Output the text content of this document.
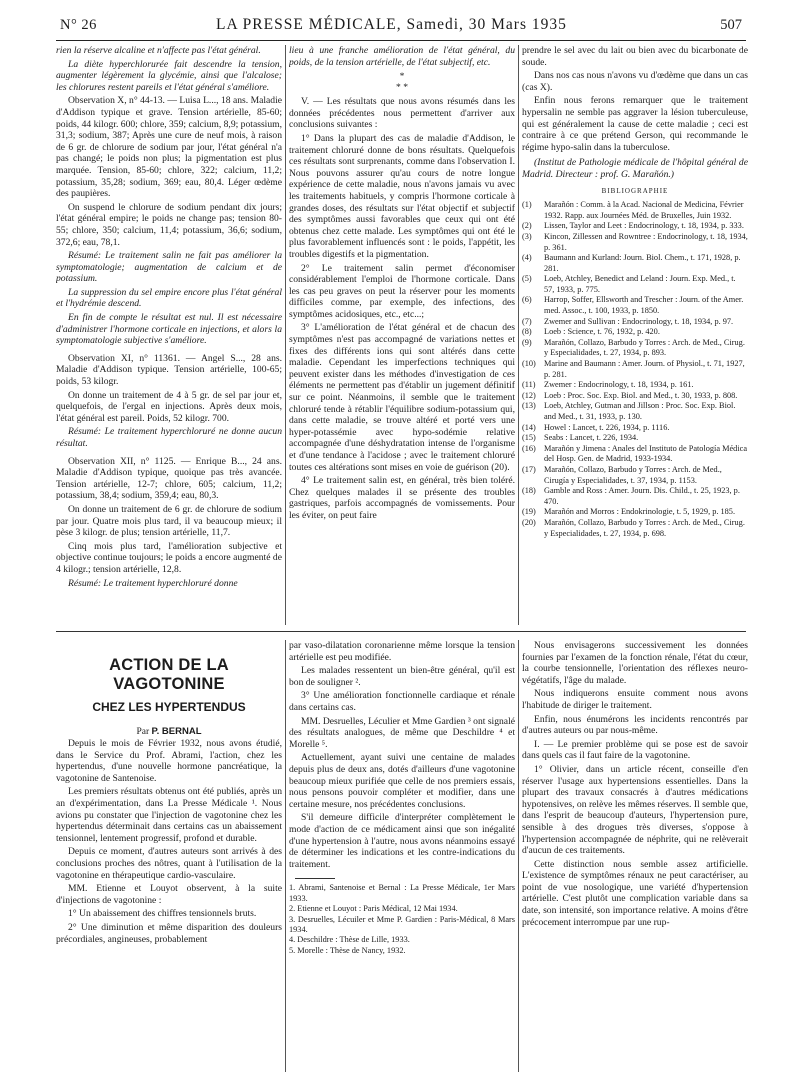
N° 26	LA PRESSE MÉDICALE, Samedi, 30 Mars 1935	507

rien la réserve alcaline et n'affecte pas l'état général.

La diète hyperchlorurée fait descendre la tension, augmenter légèrement la glycémie, ainsi que l'alcalose; les chlorures restent pareils et l'état général s'améliore.

Observation X, n° 44-13. — Luisa L..., 18 ans. Maladie d'Addison typique et grave. Tension artérielle, 85-60; poids, 44 kilogr. 600; chlore, 359; calcium, 8,9; potassium, 31,3; sodium, 387; Après une cure de neuf mois, à raison de 6 gr. de chlorure de sodium par jour, l'état général n'a pas changé; le poids non plus; la pigmentation est plus marquée. Tension, 85-60; chlore, 322; calcium, 11,2; potassium, 35,28; sodium, 369; eau, 80,4. Léger œdème des paupières.

On suspend le chlorure de sodium pendant dix jours; l'état général empire; le poids ne change pas; tension 80-55; chlore, 350; calcium, 11,4; potassium, 36,6; sodium, 372,6; eau, 78,1.

Résumé: Le traitement salin ne fait pas améliorer la symptomatologie; augmentation de calcium et de potassium.

La suppression du sel empire encore plus l'état général et l'hydrémie descend.

En fin de compte le résultat est nul. Il est nécessaire d'administrer l'hormone corticale en injections, et alors la symptomatologie subjective s'améliore.

Observation XI, n° 11361. — Angel S..., 28 ans. Maladie d'Addison typique. Tension artérielle, 100-65; poids, 53 kilogr.

On donne un traitement de 4 à 5 gr. de sel par jour et, quelquefois, de l'ergal en injections. Après deux mois, l'état général est pareil. Poids, 52 kilogr. 700.

Résumé: Le traitement hyperchloruré ne donne aucun résultat.

Observation XII, n° 1125. — Enrique B..., 24 ans. Maladie d'Addison typique, quoique pas très avancée. Tension artérielle, 12-7; chlore, 605; calcium, 11,2; potassium, 38,4; sodium, 359,4; eau, 80,3.

On donne un traitement de 6 gr. de chlorure de sodium par jour. Quatre mois plus tard, il va beaucoup mieux; il pèse 3 kilogr. de plus; tension artérielle, 11,7.

Cinq mois plus tard, l'amélioration subjective et objective continue toujours; le poids a encore augmenté de 4 kilogr.; tension artérielle, 12,8.

Résumé: Le traitement hyperchloruré donne

lieu à une franche amélioration de l'état général, du poids, de la tension artérielle, de l'état subjectif, etc.

*

* *

V. — Les résultats que nous avons résumés dans les données précédentes nous permettent d'arriver aux conclusions suivantes :

1° Dans la plupart des cas de maladie d'Addison, le traitement chloruré donne de bons résultats. Quelquefois ces résultats sont surprenants, comme dans l'observation I. Nous pouvons assurer qu'au cours de notre longue expérience de cette maladie, nous n'avons jamais vu avec les traitements habituels, y compris l'hormone corticale à grandes doses, des résultats sur l'état objectif et subjectif des symptômes aussi favorables que ceux qui ont été obtenus chez cette malade. Les symptômes qui ont été le plus favorablement influencés sont : le poids, l'appétit, les troubles digestifs et la pigmentation.

2° Le traitement salin permet d'économiser considérablement l'emploi de l'hormone corticale. Dans les cas peu graves on peut la réserver pour les moments difficiles comme, par exemple, des infections, des symptômes acidosiques, etc., etc...;

3° L'amélioration de l'état général et de chacun des symptômes n'est pas accompagné de variations nettes et fixes des différents ions qui sont altérés dans cette maladie. Cependant les imperfections techniques qui peuvent exister dans les méthodes d'investigation de ces éléments ne permettent pas d'établir un jugement définitif sur ce point. Néanmoins, il semble que le traitement chloruré tende à rétablir l'équilibre sodium-potassium qui, dans cette maladie, se trouve altéré et porté vers une hyper-potassémie avec hypo-sodémie relative accompagnée d'une déshydratation intense de l'organisme et d'une tendance à l'acidose ; avec le traitement chloruré toutes ces altérations sont mises en voie de guérison (20).

4° Le traitement salin est, en général, très bien toléré. Chez quelques malades il se présente des troubles gastriques, parfois accompagnés de vomissements. Pour les éviter, on peut faire

prendre le sel avec du lait ou bien avec du bicarbonate de soude.

Dans nos cas nous n'avons vu d'œdème que dans un cas (cas X).

Enfin nous ferons remarquer que le traitement hypersalin ne semble pas aggraver la lésion tuberculeuse, qui est généralement la cause de cette maladie ; ceci est contraire à ce que prétend Gerson, qui recommande le régime hypo-salin dans la tuberculose.

(Institut de Pathologie médicale de l'hôpital général de Madrid. Directeur : prof. G. Marañón.)

BIBLIOGRAPHIE
(1) Marañón : Comm. à la Acad. Nacional de Medicina, Février 1932. Rapp. aux Journées Méd. de Bruxelles, Juin 1932.
(2) Lissen, Taylor and Leet : Endocrinology, t. 18, 1934, p. 333.
(3) Kincon, Zillessen and Rowntree : Endocrinology, t. 18, 1934, p. 361.
(4) Baumann and Kurland: Journ. Biol. Chem., t. 171, 1928, p. 281.
(5) Loeb, Atchley, Benedict and Leland : Journ. Exp. Med., t. 57, 1933, p. 775.
(6) Harrop, Soffer, Ellsworth and Trescher : Journ. of the Amer. med. Assoc., t. 100, 1933, p. 1850.
(7) Zwemer and Sullivan : Endocrinology, t. 18, 1934, p. 97.
(8) Loeb : Science, t. 76, 1932, p. 420.
(9) Marañón, Collazo, Barbudo y Torres : Arch. de Med., Cirug. y Especialidades, t. 27, 1934, p. 893.
(10) Marine and Baumann : Amer. Journ. of Physiol., t. 71, 1927, p. 281.
(11) Zwemer : Endocrinology, t. 18, 1934, p. 161.
(12) Loeb : Proc. Soc. Exp. Biol. and Med., t. 30, 1933, p. 808.
(13) Loeb, Atchley, Gutman and Jillson : Proc. Soc. Exp. Biol. and Med., t. 31, 1933, p. 130.
(14) Howel : Lancet, t. 226, 1934, p. 1116.
(15) Seabs : Lancet, t. 226, 1934.
(16) Marañón y Jimena : Anales del Instituto de Patología Médica del Hosp. Gen. de Madrid, 1933-1934.
(17) Marañón, Collazo, Barbudo y Torres : Arch. de Med., Cirugía y Especialidades, t. 37, 1934, p. 1153.
(18) Gamble and Ross : Amer. Journ. Dis. Child., t. 25, 1923, p. 470.
(19) Marañón and Morros : Endokrinologie, t. 5, 1929, p. 185.
(20) Marañón, Collazo, Barbudo y Torres : Arch. de Med., Cirug. y Especialidades, t. 27, 1934, p. 698.
ACTION DE LA VAGOTONINE
CHEZ LES HYPERTENDUS
Par P. BERNAL

Depuis le mois de Février 1932, nous avons étudié, dans le Service du Prof. Abrami, l'action, chez les hypertendus, d'une nouvelle hormone pancréatique, la vagotonine de Santenoise.

Les premiers résultats obtenus ont été publiés, après un an d'expérimentation, dans La Presse Médicale ¹. Nous avions pu constater que l'injection de vagotonine chez les hypertendus déterminait dans certains cas un abaissement tensionnel, lentement progressif, profond et durable.

Depuis ce moment, d'autres auteurs sont arrivés à des conclusions proches des nôtres, quant à l'utilisation de la vagotonine en thérapeutique cardio-vasculaire.

MM. Etienne et Louyot observent, à la suite d'injections de vagotonine :

1° Un abaissement des chiffres tensionnels bruts.

2° Une diminution et même disparition des douleurs précordiales, angineuses, probablement

par vaso-dilatation coronarienne même lorsque la tension artérielle est peu modifiée.

Les malades ressentent un bien-être général, qu'il est bon de souligner ².

3° Une amélioration fonctionnelle cardiaque et rénale dans certains cas.

MM. Desruelles, Léculier et Mme Gardien ³ ont signalé des résultats analogues, de même que Deschildre ⁴ et Morelle ⁵.

Actuellement, ayant suivi une centaine de malades depuis plus de deux ans, dotés d'ailleurs d'une vagotonine beaucoup mieux purifiée que celle de nos premiers essais, nous pensons pouvoir compléter et modifier, dans une certaine mesure, nos précédentes conclusions.

S'il demeure difficile d'interpréter complètement le mode d'action de ce médicament ainsi que son inégalité d'une hypertension à l'autre, nous avons néanmoins essayé de déterminer les indications et les contre-indications du traitement.

1. Abrami, Santenoise et Bernal : La Presse Médicale, 1er Mars 1933.

2. Etienne et Louyot : Paris Médical, 12 Mai 1934.

3. Desruelles, Lécuiler et Mme P. Gardien : Paris-Médical, 8 Mars 1934.

4. Deschildre : Thèse de Lille, 1933.

5. Morelle : Thèse de Nancy, 1932.

Nous envisagerons successivement les données fournies par l'examen de la fonction rénale, l'état du cœur, la courbe tensionnelle, l'orientation des réflexes neuro-végétatifs, l'âge du malade.

Nous indiquerons ensuite comment nous avons l'habitude de diriger le traitement.

Enfin, nous énumérons les incidents rencontrés par d'autres auteurs ou par nous-même.

I. — Le premier problème qui se pose est de savoir dans quels cas il faut faire de la vagotonine.

1° Olivier, dans un article récent, conseille d'en réserver l'usage aux hypertensions essentielles. Dans la plupart des travaux consacrés à d'autres médications hypotensives, on relève les mêmes réserves. Il semble que, dans l'esprit de beaucoup d'auteurs, l'hypertension pure, sensible à des drogues très diverses, s'oppose à l'hypertension accompagnée de néphrite, qui ne relèverait d'aucun de ces traitements.

Cette distinction nous semble assez artificielle. L'existence de symptômes rénaux ne peut caractériser, au point de vue nosologique, une variété d'hypertension artérielle. C'est plutôt une complication variable dans sa date, son intensité, son importance relative. A moins d'être précocement interrompue par une rup-
